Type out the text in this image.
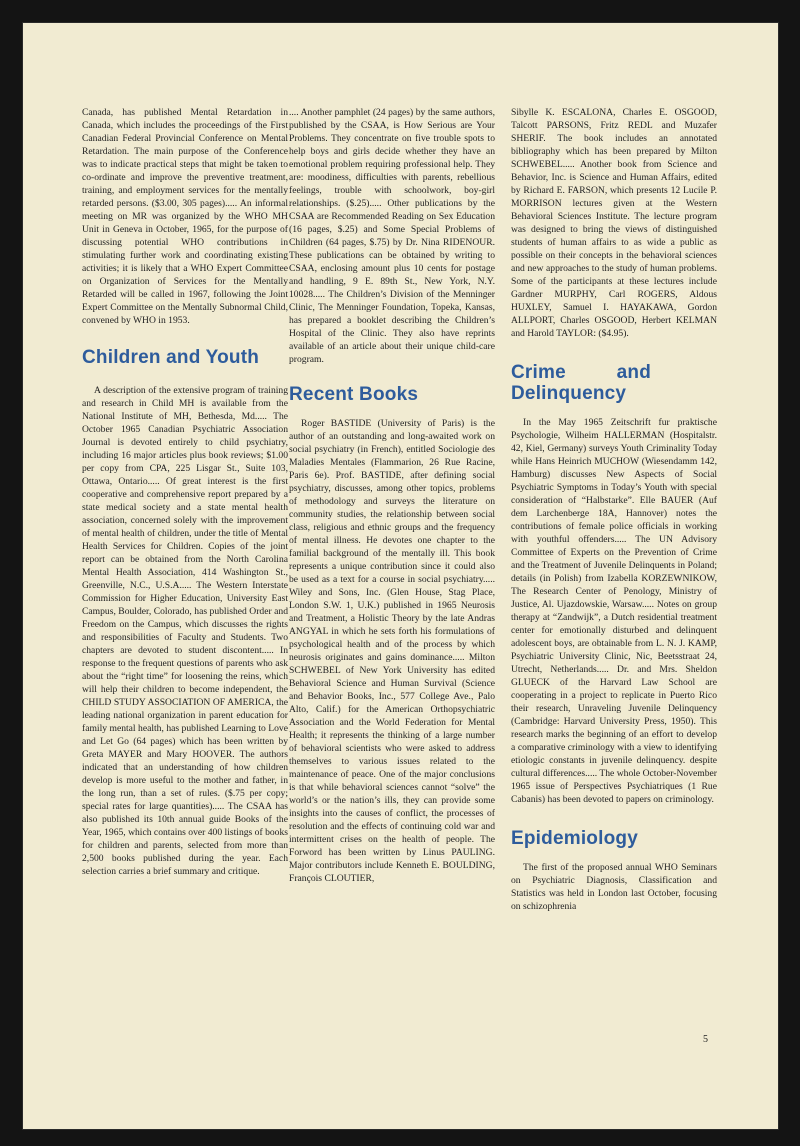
Canada, has published Mental Retardation in Canada, which includes the proceedings of the First Canadian Federal Provincial Conference on Mental Retardation. The main purpose of the Conference was to indicate practical steps that might be taken to co-ordinate and improve the preventive treatment, training, and employment services for the mentally retarded persons. ($3.00, 305 pages)..... An informal meeting on MR was organized by the WHO MH Unit in Geneva in October, 1965, for the purpose of discussing potential WHO contributions in stimulating further work and coordinating existing activities; it is likely that a WHO Expert Committee on Organization of Services for the Mentally Retarded will be called in 1967, following the Joint Expert Committee on the Mentally Subnormal Child, convened by WHO in 1953.

Children and Youth

A description of the extensive program of training and research in Child MH is available from the National Institute of MH, Bethesda, Md..... The October 1965 Canadian Psychiatric Association Journal is devoted entirely to child psychiatry, including 16 major articles plus book reviews; $1.00 per copy from CPA, 225 Lisgar St., Suite 103, Ottawa, Ontario..... Of great interest is the first cooperative and comprehensive report prepared by a state medical society and a state mental health association, concerned solely with the improvement of mental health of children, under the title of Mental Health Services for Children. Copies of the joint report can be obtained from the North Carolina Mental Health Association, 414 Washington St., Greenville, N.C., U.S.A..... The Western Interstate Commission for Higher Education, University East Campus, Boulder, Colorado, has published Order and Freedom on the Campus, which discusses the rights and responsibilities of Faculty and Students. Two chapters are devoted to student discontent..... In response to the frequent questions of parents who ask about the “right time” for loosening the reins, which will help their children to become independent, the CHILD STUDY ASSOCIATION OF AMERICA, the leading national organization in parent education for family mental health, has published Learning to Love and Let Go (64 pages) which has been written by Greta MAYER and Mary HOOVER. The authors indicated that an understanding of how children develop is more useful to the mother and father, in the long run, than a set of rules. ($.75 per copy; special rates for large quantities)..... The CSAA has also published its 10th annual guide Books of the Year, 1965, which contains over 400 listings of books for children and parents, selected from more than 2,500 books published during the year. Each selection carries a brief summary and critique.

.... Another pamphlet (24 pages) by the same authors, published by the CSAA, is How Serious are Your Problems. They concentrate on five trouble spots to help boys and girls decide whether they have an emotional problem requiring professional help. They are: moodiness, difficulties with parents, rebellious feelings, trouble with schoolwork, boy-girl relationships. ($.25)..... Other publications by the CSAA are Recommended Reading on Sex Education (16 pages, $.25) and Some Special Problems of Children (64 pages, $.75) by Dr. Nina RIDENOUR. These publications can be obtained by writing to CSAA, enclosing amount plus 10 cents for postage and handling, 9 E. 89th St., New York, N.Y. 10028..... The Children’s Division of the Menninger Clinic, The Menninger Foundation, Topeka, Kansas, has prepared a booklet describing the Children’s Hospital of the Clinic. They also have reprints available of an article about their unique child-care program.

Recent Books

Roger BASTIDE (University of Paris) is the author of an outstanding and long-awaited work on social psychiatry (in French), entitled Sociologie des Maladies Mentales (Flammarion, 26 Rue Racine, Paris 6e). Prof. BASTIDE, after defining social psychiatry, discusses, among other topics, problems of methodology and surveys the literature on community studies, the relationship between social class, religious and ethnic groups and the frequency of mental illness. He devotes one chapter to the familial background of the mentally ill. This book represents a unique contribution since it could also be used as a text for a course in social psychiatry..... Wiley and Sons, Inc. (Glen House, Stag Place, London S.W. 1, U.K.) published in 1965 Neurosis and Treatment, a Holistic Theory by the late Andras ANGYAL in which he sets forth his formulations of psychological health and of the process by which neurosis originates and gains dominance..... Milton SCHWEBEL of New York University has edited Behavioral Science and Human Survival (Science and Behavior Books, Inc., 577 College Ave., Palo Alto, Calif.) for the American Orthopsychiatric Association and the World Federation for Mental Health; it represents the thinking of a large number of behavioral scientists who were asked to address themselves to various issues related to the maintenance of peace. One of the major conclusions is that while behavioral sciences cannot “solve” the world’s or the nation’s ills, they can provide some insights into the causes of conflict, the processes of resolution and the effects of continuing cold war and intermittent crises on the health of people. The Forword has been written by Linus PAULING. Major contributors include Kenneth E. BOULDING, François CLOUTIER,

Sibylle K. ESCALONA, Charles E. OSGOOD, Talcott PARSONS, Fritz REDL and Muzafer SHERIF. The book includes an annotated bibliography which has been prepared by Milton SCHWEBEL..... Another book from Science and Behavior, Inc. is Science and Human Affairs, edited by Richard E. FARSON, which presents 12 Lucile P. MORRISON lectures given at the Western Behavioral Sciences Institute. The lecture program was designed to bring the views of distinguished students of human affairs to as wide a public as possible on their concepts in the behavioral sciences and new approaches to the study of human problems. Some of the participants at these lectures include Gardner MURPHY, Carl ROGERS, Aldous HUXLEY, Samuel I. HAYAKAWA, Gordon ALLPORT, Charles OSGOOD, Herbert KELMAN and Harold TAYLOR: ($4.95).

Crime and Delinquency

In the May 1965 Zeitschrift fur praktische Psychologie, Wilheim HALLERMAN (Hospitalstr. 42, Kiel, Germany) surveys Youth Criminality Today while Hans Heinrich MUCHOW (Wiesendamm 142, Hamburg) discusses New Aspects of Social Psychiatric Symptoms in Today’s Youth with special consideration of “Halbstarke”. Elle BAUER (Auf dem Larchenberge 18A, Hannover) notes the contributions of female police officials in working with youthful offenders..... The UN Advisory Committee of Experts on the Prevention of Crime and the Treatment of Juvenile Delinquents in Poland; details (in Polish) from Izabella KORZEWNIKOW, The Research Center of Penology, Ministry of Justice, Al. Ujazdowskie, Warsaw..... Notes on group therapy at “Zandwijk”, a Dutch residential treatment center for emotionally disturbed and delinquent adolescent boys, are obtainable from L. N. J. KAMP, Psychiatric University Clinic, Nic, Beetsstraat 24, Utrecht, Netherlands..... Dr. and Mrs. Sheldon GLUECK of the Harvard Law School are cooperating in a project to replicate in Puerto Rico their research, Unraveling Juvenile Delinquency (Cambridge: Harvard University Press, 1950). This research marks the beginning of an effort to develop a comparative criminology with a view to identifying etiologic constants in juvenile delinquency. despite cultural differences..... The whole October-November 1965 issue of Perspectives Psychiatriques (1 Rue Cabanis) has been devoted to papers on criminology.

Epidemiology

The first of the proposed annual WHO Seminars on Psychiatric Diagnosis, Classification and Statistics was held in London last October, focusing on schizophrenia

5
